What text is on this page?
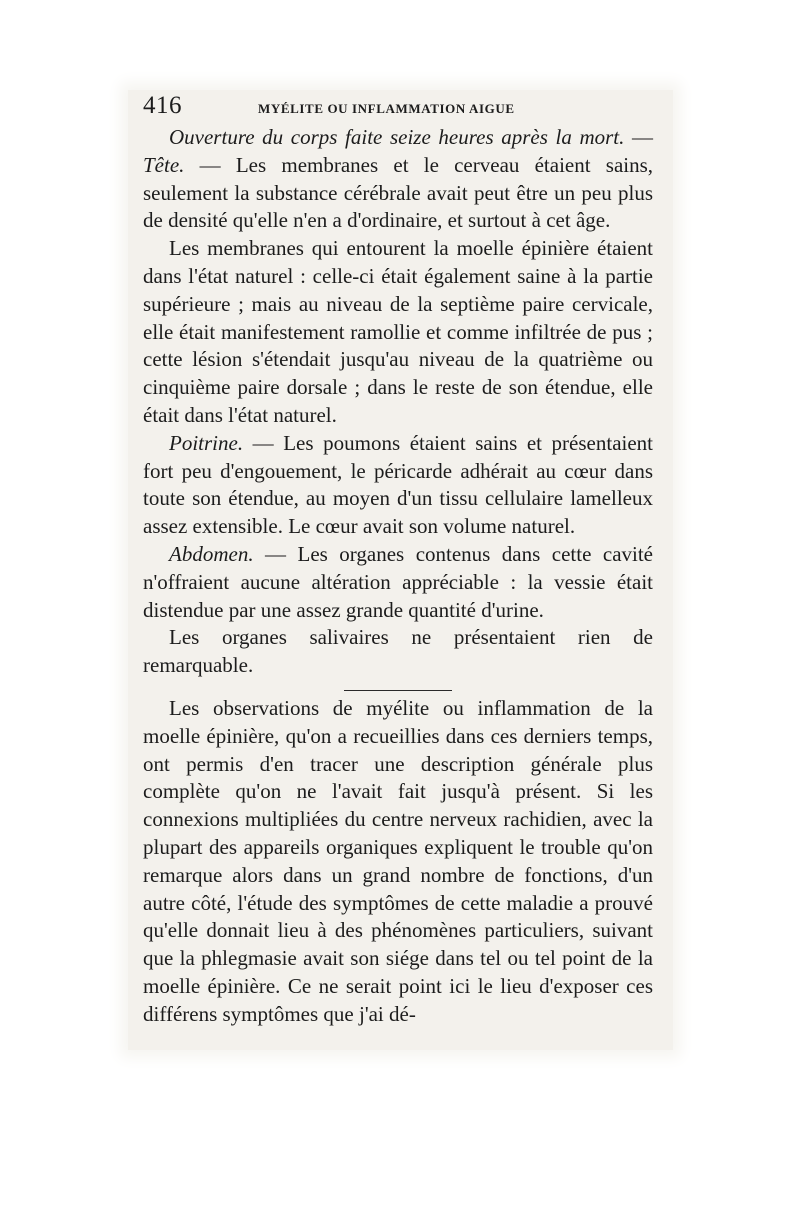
416	MYÉLITE OU INFLAMMATION AIGUE

Ouverture du corps faite seize heures après la mort. — Tête. — Les membranes et le cerveau étaient sains, seulement la substance cérébrale avait peut être un peu plus de densité qu'elle n'en a d'ordinaire, et surtout à cet âge.

Les membranes qui entourent la moelle épinière étaient dans l'état naturel : celle-ci était également saine à la partie supérieure ; mais au niveau de la septième paire cervicale, elle était manifestement ramollie et comme infiltrée de pus ; cette lésion s'étendait jusqu'au niveau de la quatrième ou cinquième paire dorsale ; dans le reste de son étendue, elle était dans l'état naturel.

Poitrine. — Les poumons étaient sains et présentaient fort peu d'engouement, le péricarde adhérait au cœur dans toute son étendue, au moyen d'un tissu cellulaire lamelleux assez extensible. Le cœur avait son volume naturel.

Abdomen. — Les organes contenus dans cette cavité n'offraient aucune altération appréciable : la vessie était distendue par une assez grande quantité d'urine.

Les organes salivaires ne présentaient rien de remarquable.

Les observations de myélite ou inflammation de la moelle épinière, qu'on a recueillies dans ces derniers temps, ont permis d'en tracer une description générale plus complète qu'on ne l'avait fait jusqu'à présent. Si les connexions multipliées du centre nerveux rachidien, avec la plupart des appareils organiques expliquent le trouble qu'on remarque alors dans un grand nombre de fonctions, d'un autre côté, l'étude des symptômes de cette maladie a prouvé qu'elle donnait lieu à des phénomènes particuliers, suivant que la phlegmasie avait son siége dans tel ou tel point de la moelle épinière. Ce ne serait point ici le lieu d'exposer ces différens symptômes que j'ai dé-
